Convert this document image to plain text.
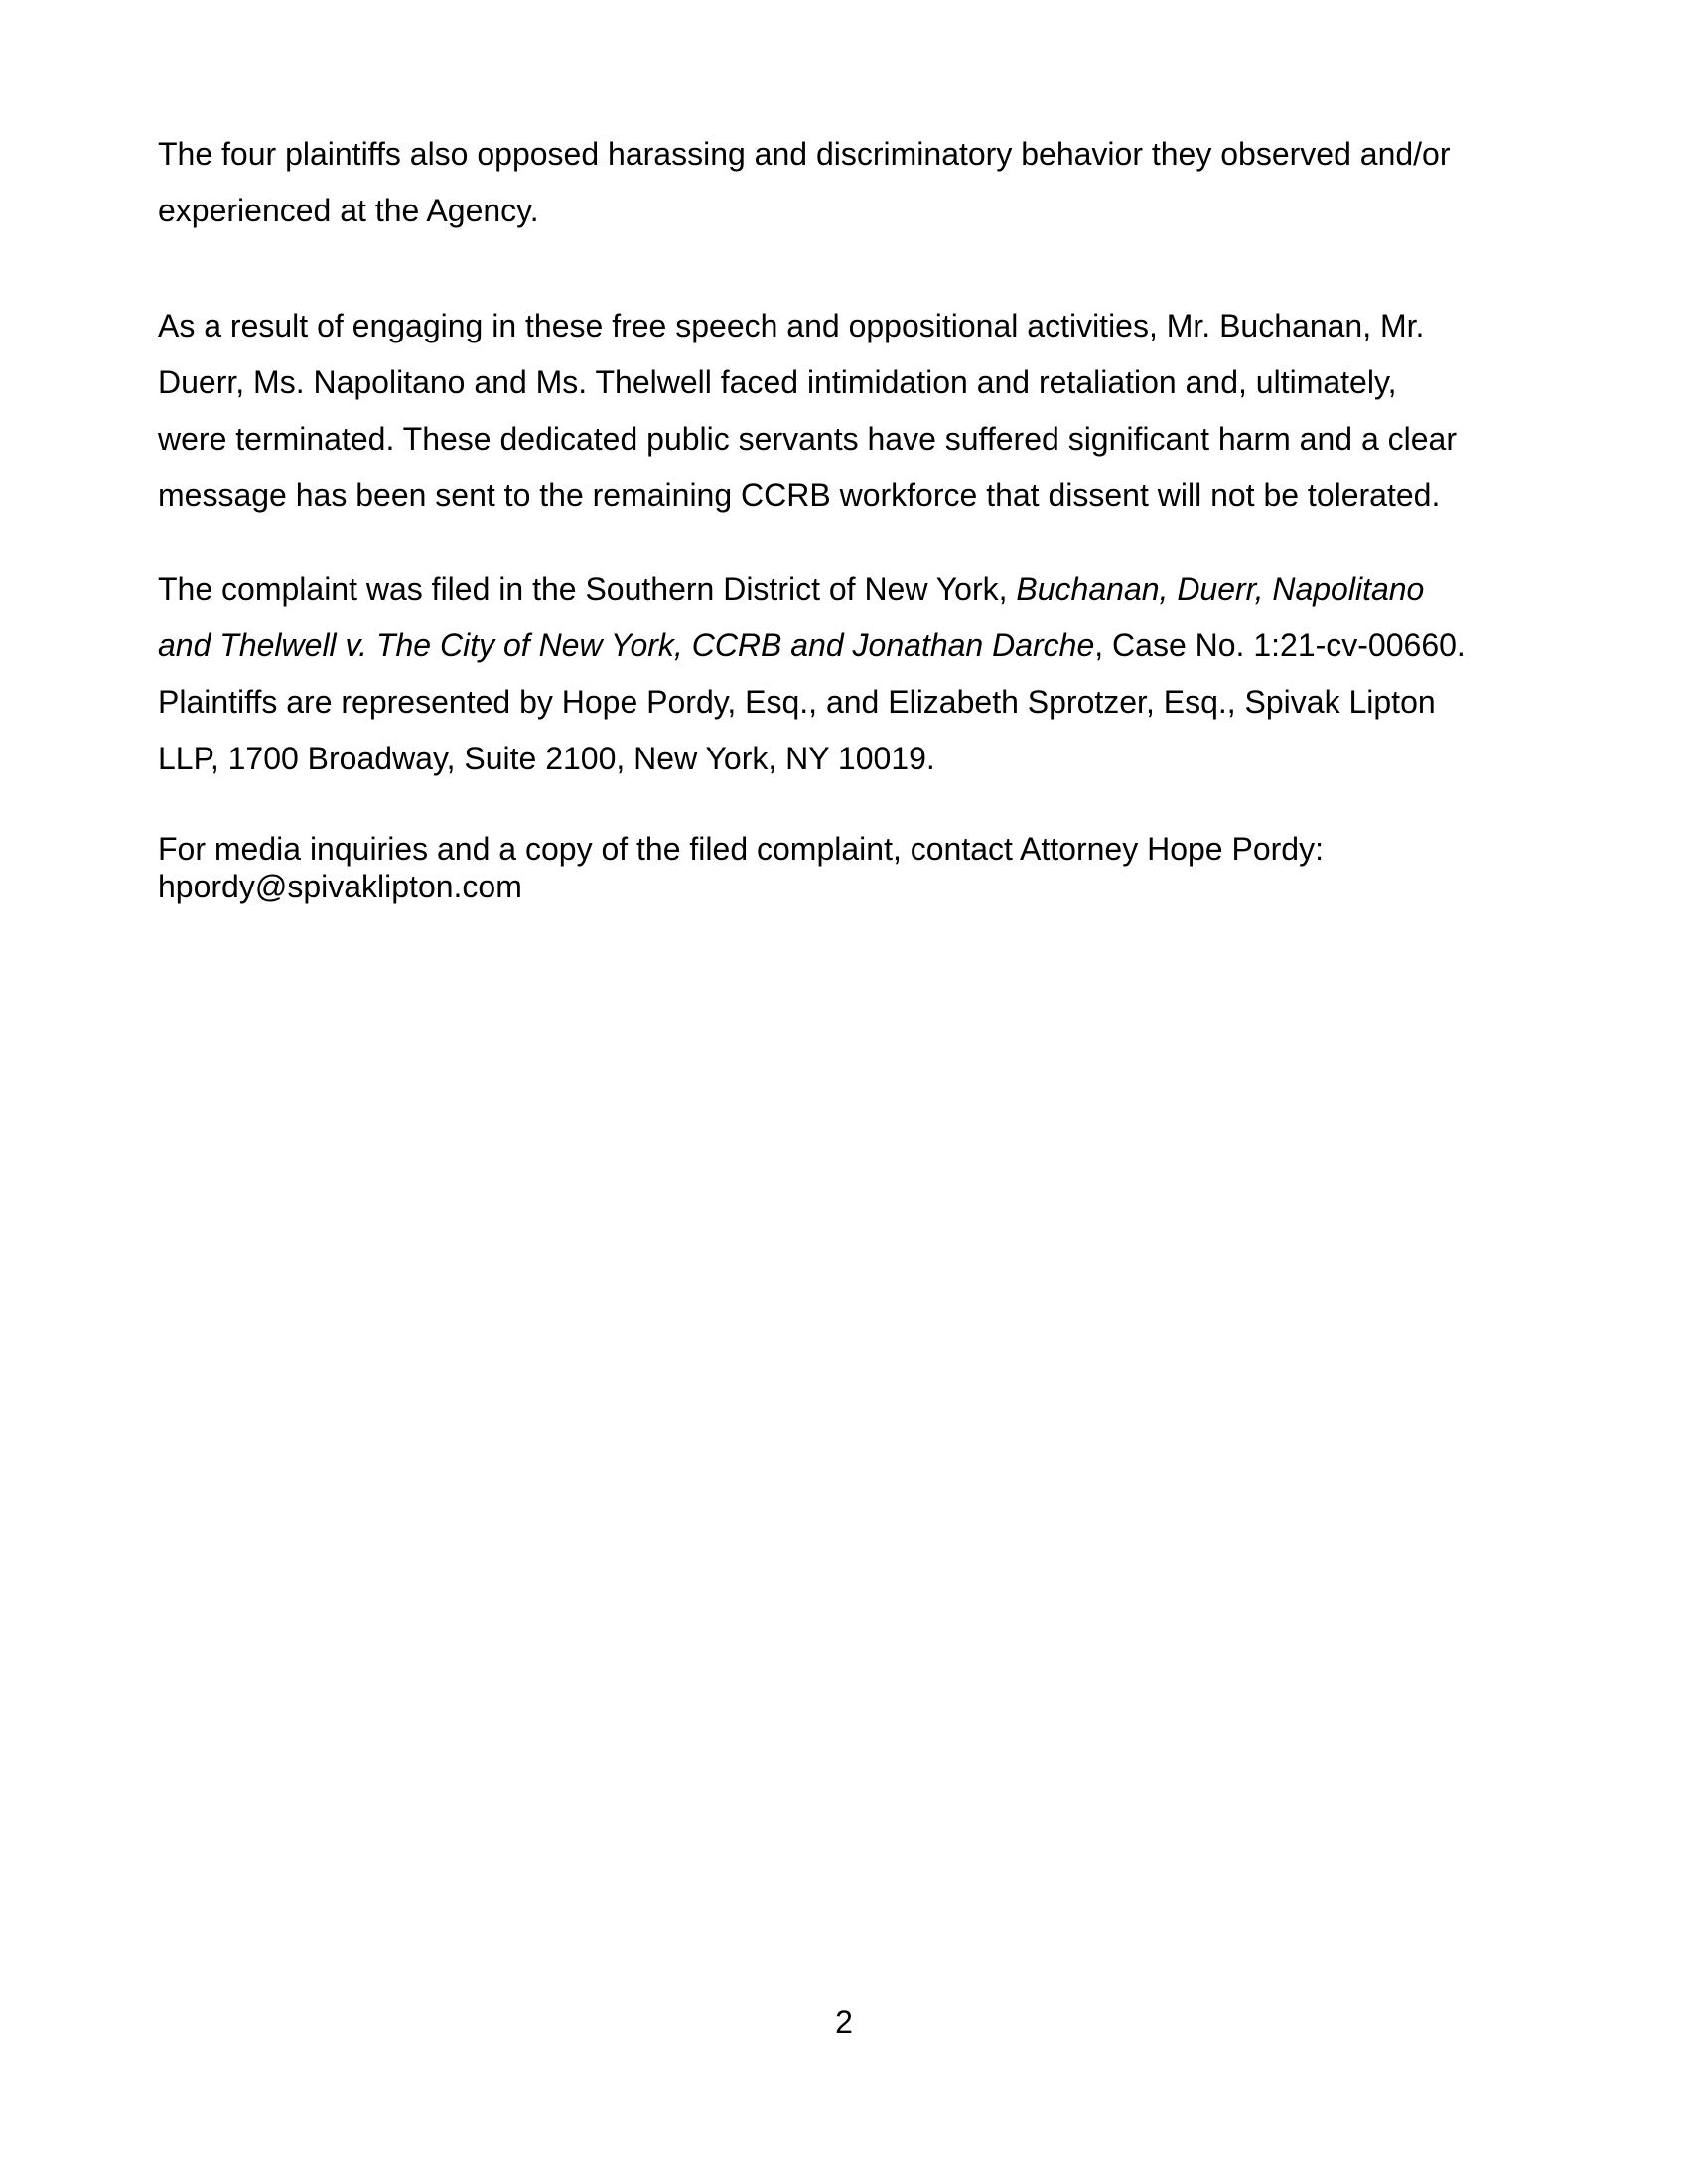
The four plaintiffs also opposed harassing and discriminatory behavior they observed and/or
experienced at the Agency.

As a result of engaging in these free speech and oppositional activities, Mr. Buchanan, Mr.
Duerr, Ms. Napolitano and Ms. Thelwell faced intimidation and retaliation and, ultimately,
were terminated. These dedicated public servants have suffered significant harm and a clear
message has been sent to the remaining CCRB workforce that dissent will not be tolerated.

The complaint was filed in the Southern District of New York, Buchanan, Duerr, Napolitano
and Thelwell v. The City of New York, CCRB and Jonathan Darche, Case No. 1:21-cv-00660.
Plaintiffs are represented by Hope Pordy, Esq., and Elizabeth Sprotzer, Esq., Spivak Lipton
LLP, 1700 Broadway, Suite 2100, New York, NY 10019.

For media inquiries and a copy of the filed complaint, contact Attorney Hope Pordy:
hpordy@spivaklipton.com

2
